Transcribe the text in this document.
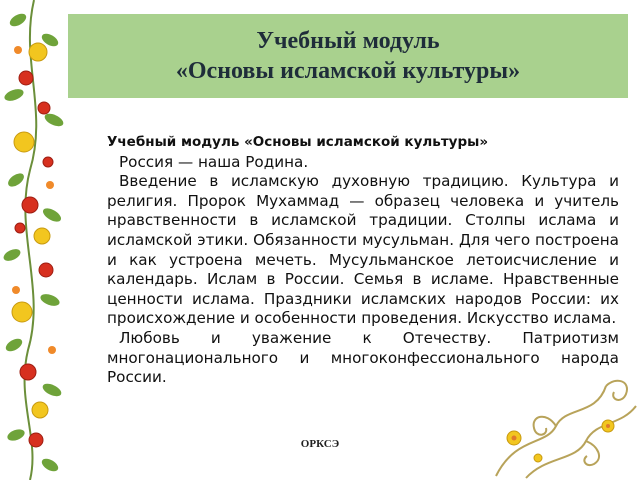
Учебный модуль
«Основы исламской культуры»

Учебный модуль «Основы исламской культуры»

Россия — наша Родина.

Введение в исламскую духовную традицию. Культура и религия. Пророк Мухаммад — образец человека и учитель нравственности в исламской традиции. Столпы ислама и исламской этики. Обязанности мусульман. Для чего построена и как устроена мечеть. Мусульманское летоисчисление и календарь. Ислам в России. Семья в исламе. Нравственные ценности ислама. Праздники исламских народов России: их происхождение и особенности проведения. Искусство ислама.

Любовь и уважение к Отечеству. Патриотизм многонационального и многоконфессионального народа России.

ОРКСЭ
